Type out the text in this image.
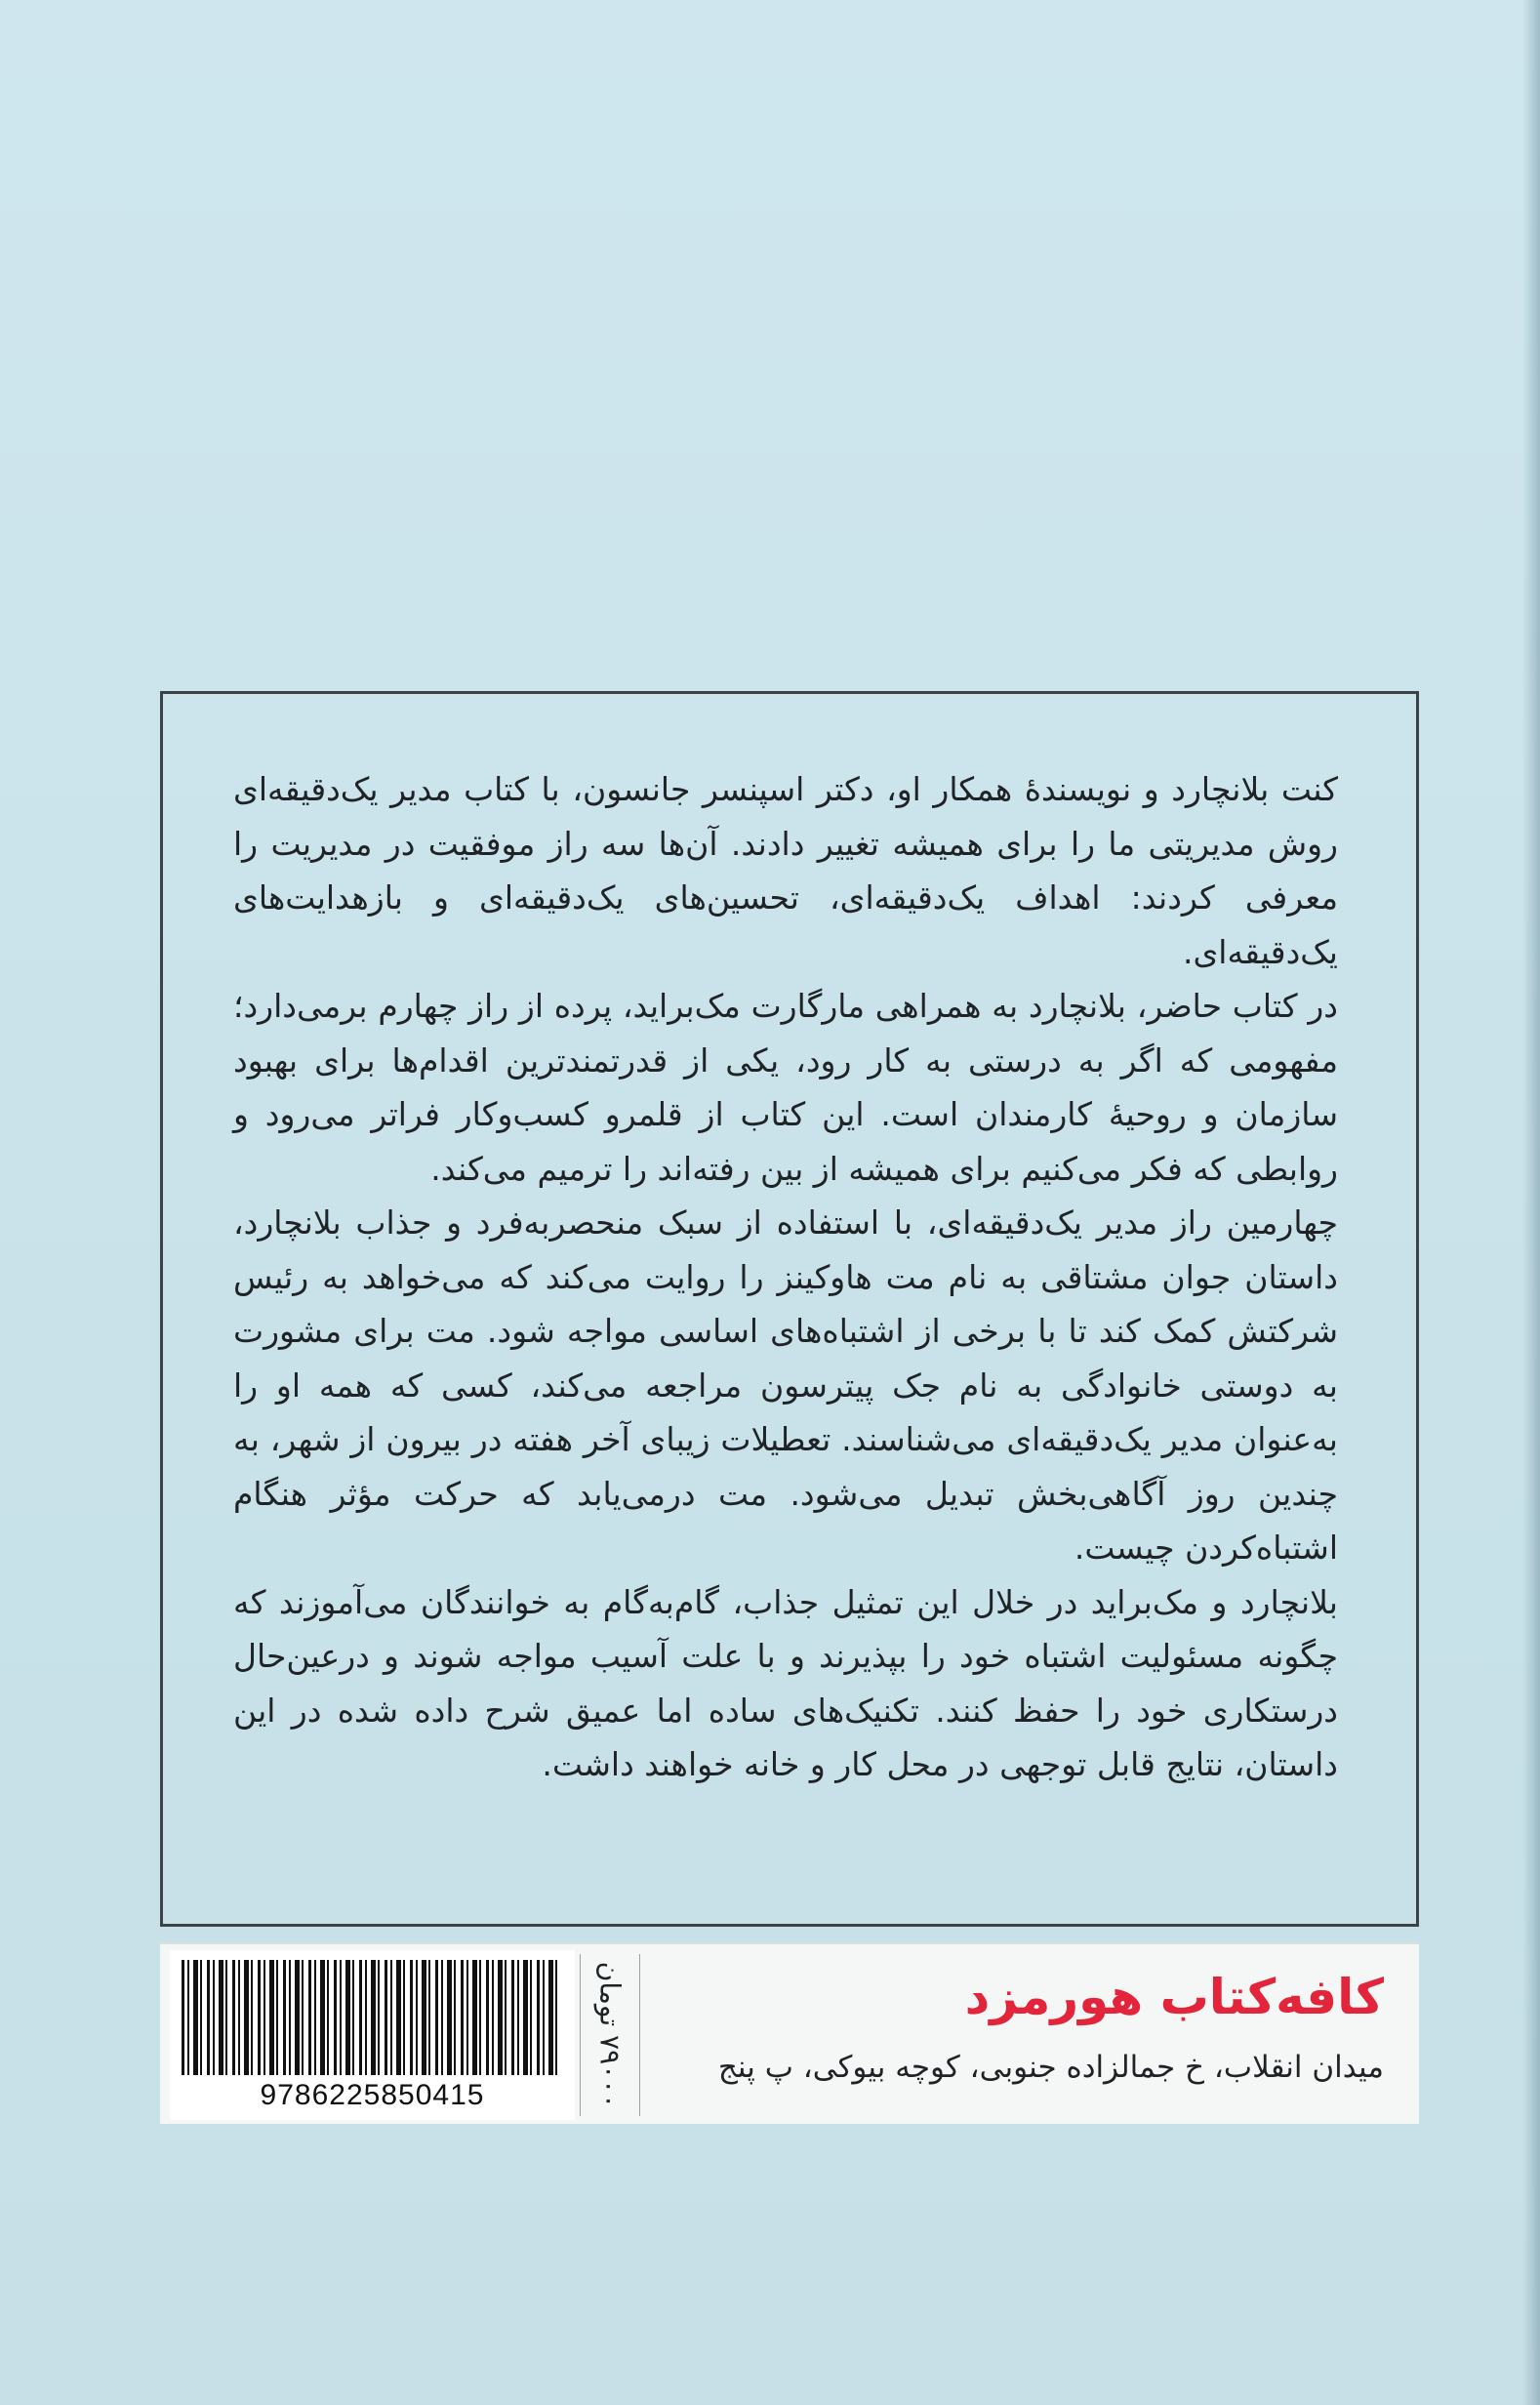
کنت بلانچارد و نویسندهٔ همکار او، دکتر اسپنسر جانسون، با کتاب مدیر یک‌دقیقه‌ای روش مدیریتی ما را برای همیشه تغییر دادند. آن‌ها سه راز موفقیت در مدیریت را معرفی کردند: اهداف یک‌دقیقه‌ای، تحسین‌های یک‌دقیقه‌ای و بازهدایت‌های یک‌دقیقه‌ای.

در کتاب حاضر، بلانچارد به همراهی مارگارت مک‌براید، پرده از راز چهارم برمی‌دارد؛ مفهومی که اگر به درستی به کار رود، یکی از قدرتمندترین اقدام‌ها برای بهبود سازمان و روحیهٔ کارمندان است. این کتاب از قلمرو کسب‌وکار فراتر می‌رود و روابطی که فکر می‌کنیم برای همیشه از بین رفته‌اند را ترمیم می‌کند.

چهارمین راز مدیر یک‌دقیقه‌ای، با استفاده از سبک منحصربه‌فرد و جذاب بلانچارد، داستان جوان مشتاقی به نام مت هاوکینز را روایت می‌کند که می‌خواهد به رئیس شرکتش کمک کند تا با برخی از اشتباه‌های اساسی مواجه شود. مت برای مشورت به دوستی خانوادگی به نام جک پیترسون مراجعه می‌کند، کسی که همه او را به‌عنوان مدیر یک‌دقیقه‌ای می‌شناسند. تعطیلات زیبای آخر هفته در بیرون از شهر، به چندین روز آگاهی‌بخش تبدیل می‌شود. مت درمی‌یابد که حرکت مؤثر هنگام اشتباه‌کردن چیست.

بلانچارد و مک‌براید در خلال این تمثیل جذاب، گام‌به‌گام به خوانندگان می‌آموزند که چگونه مسئولیت اشتباه خود را بپذیرند و با علت آسیب مواجه شوند و درعین‌حال درستکاری خود را حفظ کنند. تکنیک‌های ساده اما عمیق شرح داده شده در این داستان، نتایج قابل توجهی در محل کار و خانه خواهند داشت.

9786225850415
۷۹۰۰۰ تومان
کافه‌کتاب هورمزد
میدان انقلاب، خ جمالزاده جنوبی، کوچه بیوکی، پ پنج
